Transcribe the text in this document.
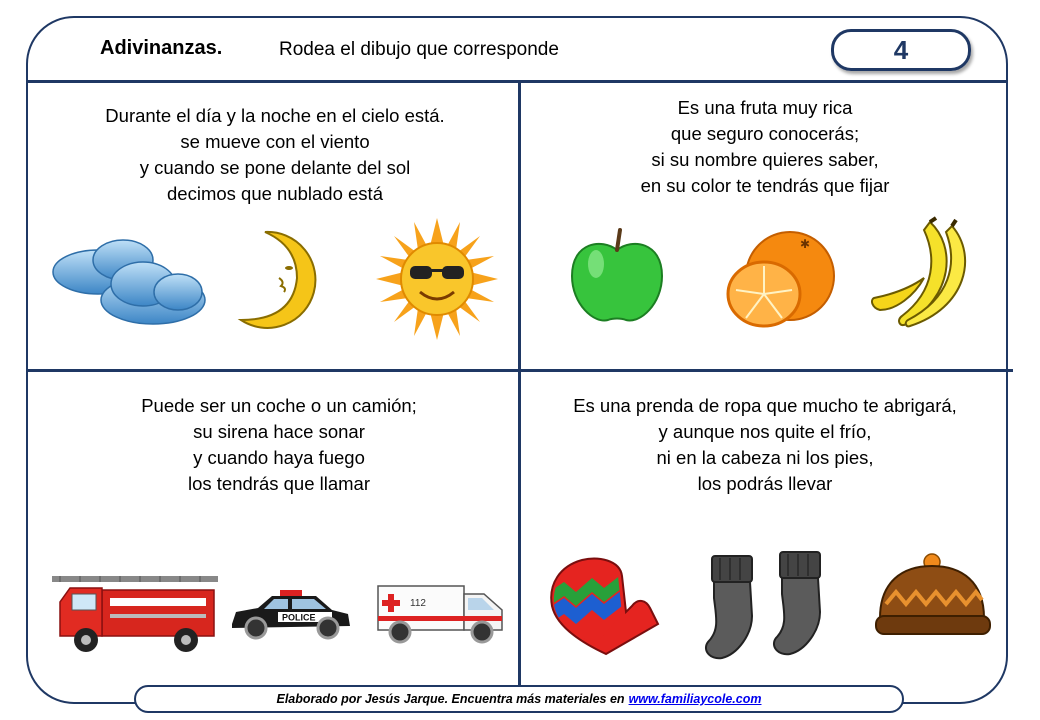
Adivinanzas.	Rodea el dibujo que corresponde	4
Durante el día y la noche en el cielo está.
se mueve con el viento
y cuando se pone delante del sol
decimos que nublado está
Es una fruta muy rica
que seguro conocerás;
si su nombre quieres saber,
en su color te tendrás que fijar
✱
Puede ser un coche o un camión;
su sirena hace sonar
y cuando haya fuego
los tendrás que llamar
POLICE
112
Es una prenda de ropa que mucho te abrigará,
y aunque nos quite el frío,
ni en la cabeza ni los pies,
los podrás llevar
Elaborado por Jesús Jarque. Encuentra más materiales en www.familiaycole.com
